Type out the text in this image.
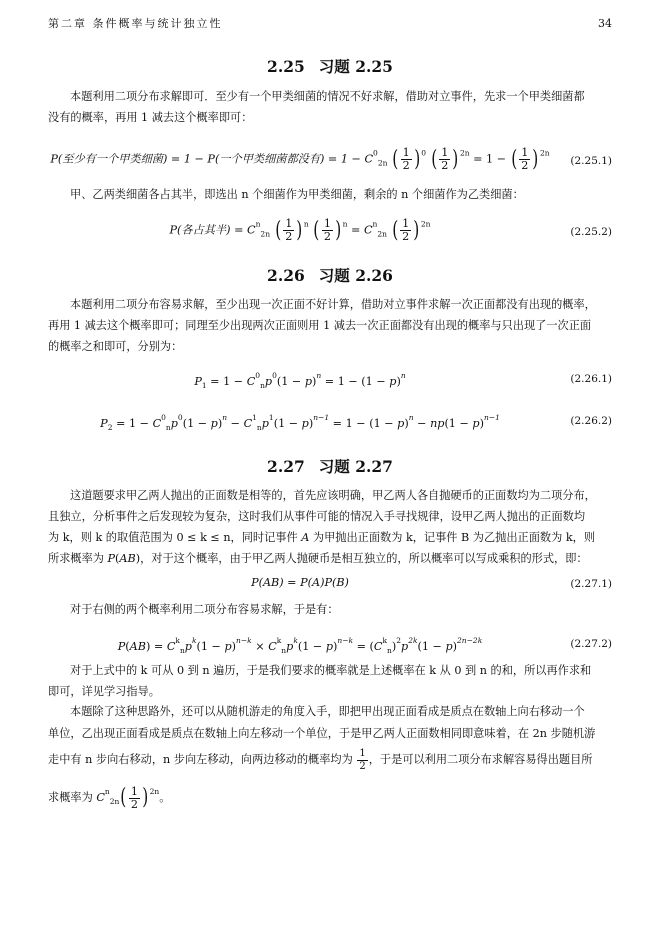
第二章 条件概率与统计独立性	34
2.25 习题 2.25

本题利用二项分布求解即可．至少有一个甲类细菌的情况不好求解，借助对立事件，先求一个甲类细菌都
没有的概率，再用 1 减去这个概率即可：

P(至少有一个甲类细菌) = 1 − P(一个甲类细菌都没有) = $1 - C^0_{2n}$ ( $\frac{1}{2} )^0$ ( $\frac{1}{2} )^{2n} = 1$ − ( $\frac{1}{2} )^{2n}$
(2.25.1)

甲、乙两类细菌各占其半，即选出 n 个细菌作为甲类细菌，剩余的 n 个细菌作为乙类细菌：

P(各占其半) = $C^n_{2n}$ ( $\frac{1}{2} )^n$ ( $\frac{1}{2} )^n = C^n_{2n}$ ( $\frac{1}{2} )^{2n}$
(2.25.2)
2.26 习题 2.26

本题利用二项分布容易求解，至少出现一次正面不好计算，借助对立事件求解一次正面都没有出现的概率，
再用 1 减去这个概率即可；同理至少出现两次正面则用 1 减去一次正面都没有出现的概率与只出现了一次正面
的概率之和即可，分别为：

$P_1 = 1 - C^0_np^0(1 - p)^n = 1 - (1 - p)^n$	(2.26.1)
$P_2 = 1 - C^0_np^0(1 - p)^n - C^1_np^1(1 - p)^{n-1} = 1 - (1 - p)^n - np(1 - p)^{n-1}$	(2.26.2)
2.27 习题 2.27

这道题要求甲乙两人抛出的正面数是相等的，首先应该明确，甲乙两人各自抛硬币的正面数均为二项分布，
且独立，分析事件之后发现较为复杂，这时我们从事件可能的情况入手寻找规律，设甲乙两人抛出的正面数均
为 k，则 k 的取值范围为 0 ≤ k ≤ n，同时记事件 A 为甲抛出正面数为 k，记事件 B 为乙抛出正面数为 k，则
所求概率为 P(AB)，对于这个概率，由于甲乙两人抛硬币是相互独立的，所以概率可以写成乘积的形式，即：

P(AB) = P(A)P(B)	(2.27.1)

对于右侧的两个概率利用二项分布容易求解，于是有：

$P(AB) = C^k_np^k(1 - p)^{n-k} \times C^k_np^k(1 - p)^{n-k} = (C^k_n)^2p^{2k}(1 - p)^{2n-2k}$	(2.27.2)

对于上式中的 k 可从 0 到 n 遍历，于是我们要求的概率就是上述概率在 k 从 0 到 n 的和，所以再作求和
即可，详见学习指导。

本题除了这种思路外，还可以从随机游走的角度入手，即把甲出现正面看成是质点在数轴上向右移动一个
单位，乙出现正面看成是质点在数轴上向左移动一个单位，于是甲乙两人正面数相同即意味着，在 2n 步随机游
走中有 n 步向右移动，n 步向左移动，向两边移动的概率均为 $\frac{1}{2}$ ，于是可以利用二项分布求解容易得出题目所
求概率为 $C^n_{2n}( \frac{1}{2} )^{2n}$。
